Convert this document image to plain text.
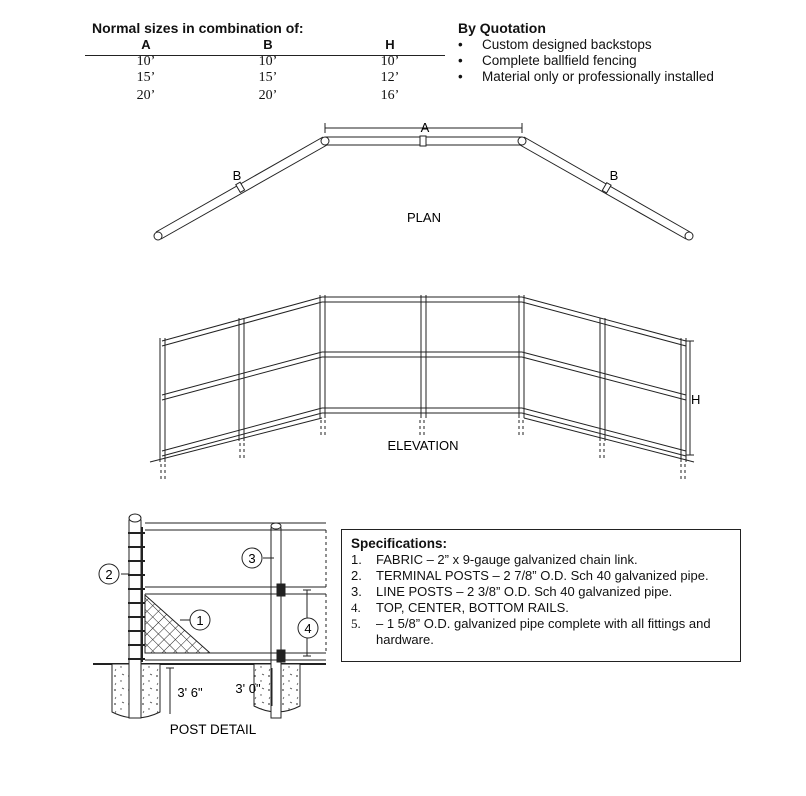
Normal sizes in combination of:
A	B	H
10’	10’	10’
15’	15’	12’
20’	20’	16’
By Quotation
•	Custom designed backstops
•	Complete ballfield fencing
•	Material only or professionally installed
A
B	B
PLAN
H
ELEVATION
1
2
3
4
3' 6"	3' 0"
POST DETAIL
Specifications:
1.	FABRIC – 2” x 9-gauge galvanized chain link.
2.	TERMINAL POSTS – 2 7/8” O.D. Sch 40 galvanized pipe.
3.	LINE POSTS – 2 3/8” O.D. Sch 40 galvanized pipe.
4.	TOP, CENTER, BOTTOM RAILS.
5.	– 1 5/8” O.D. galvanized pipe complete with all fittings and hardware.
